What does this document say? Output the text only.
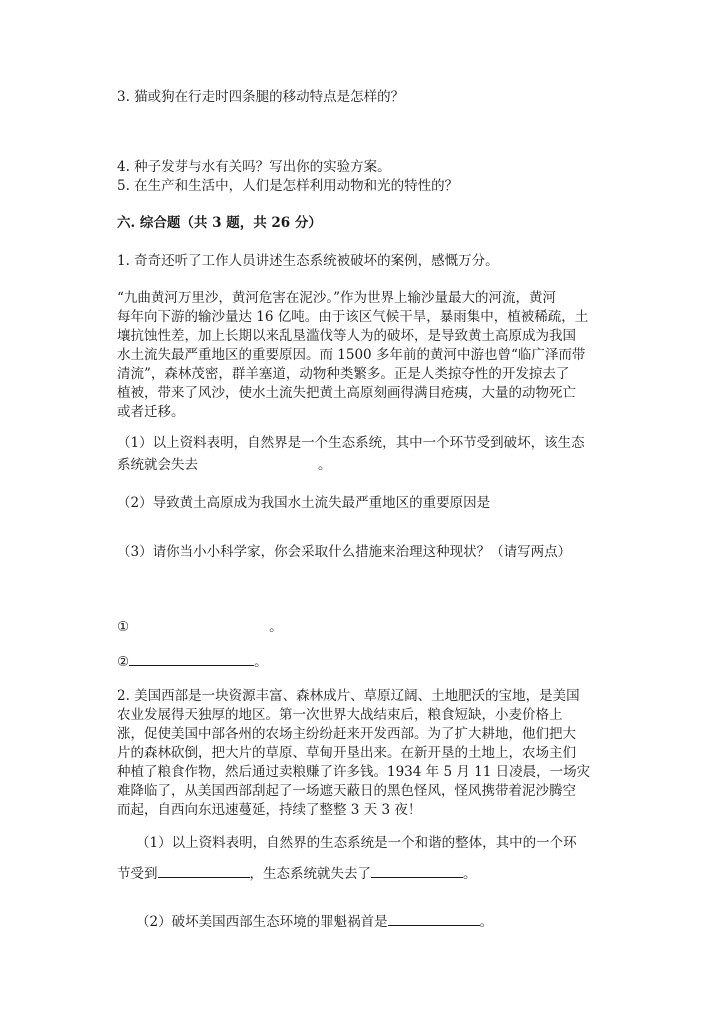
3. 猫或狗在行走时四条腿的移动特点是怎样的？
4. 种子发芽与水有关吗？写出你的实验方案。
5. 在生产和生活中，人们是怎样利用动物和光的特性的？
六. 综合题（共 3 题，共 26 分）
1. 奇奇还听了工作人员讲述生态系统被破坏的案例，感慨万分。
“九曲黄河万里沙，黄河危害在泥沙。”作为世界上输沙量最大的河流，黄河
每年向下游的输沙量达 16 亿吨。由于该区气候干旱，暴雨集中，植被稀疏，土
壤抗蚀性差，加上长期以来乱垦滥伐等人为的破坏，是导致黄土高原成为我国
水土流失最严重地区的重要原因。而 1500 多年前的黄河中游也曾“临广泽而带
清流”，森林茂密，群羊塞道，动物种类繁多。正是人类掠夺性的开发掠去了
植被，带来了风沙，使水土流失把黄土高原刻画得满目疮痍，大量的动物死亡
或者迁移。
（1）以上资料表明，自然界是一个生态系统，其中一个环节受到破坏，该生态
系统就会失去	。
（2）导致黄土高原成为我国水土流失最严重地区的重要原因是
（3）请你当小小科学家，你会采取什么措施来治理这种现状？（请写两点）
①	。
②	。
2. 美国西部是一块资源丰富、森林成片、草原辽阔、土地肥沃的宝地，是美国
农业发展得天独厚的地区。第一次世界大战结束后，粮食短缺，小麦价格上
涨，促使美国中部各州的农场主纷纷赶来开发西部。为了扩大耕地，他们把大
片的森林砍倒，把大片的草原、草甸开垦出来。在新开垦的土地上，农场主们
种植了粮食作物，然后通过卖粮赚了许多钱。1934 年 5 月 11 日凌晨，一场灾
难降临了，从美国西部刮起了一场遮天蔽日的黑色怪风，怪风携带着泥沙腾空
而起，自西向东迅速蔓延，持续了整整 3 天 3 夜！
（1）以上资料表明，自然界的生态系统是一个和谐的整体，其中的一个环
节受到	，生态系统就失去了	。
（2）破坏美国西部生态环境的罪魁祸首是	。
